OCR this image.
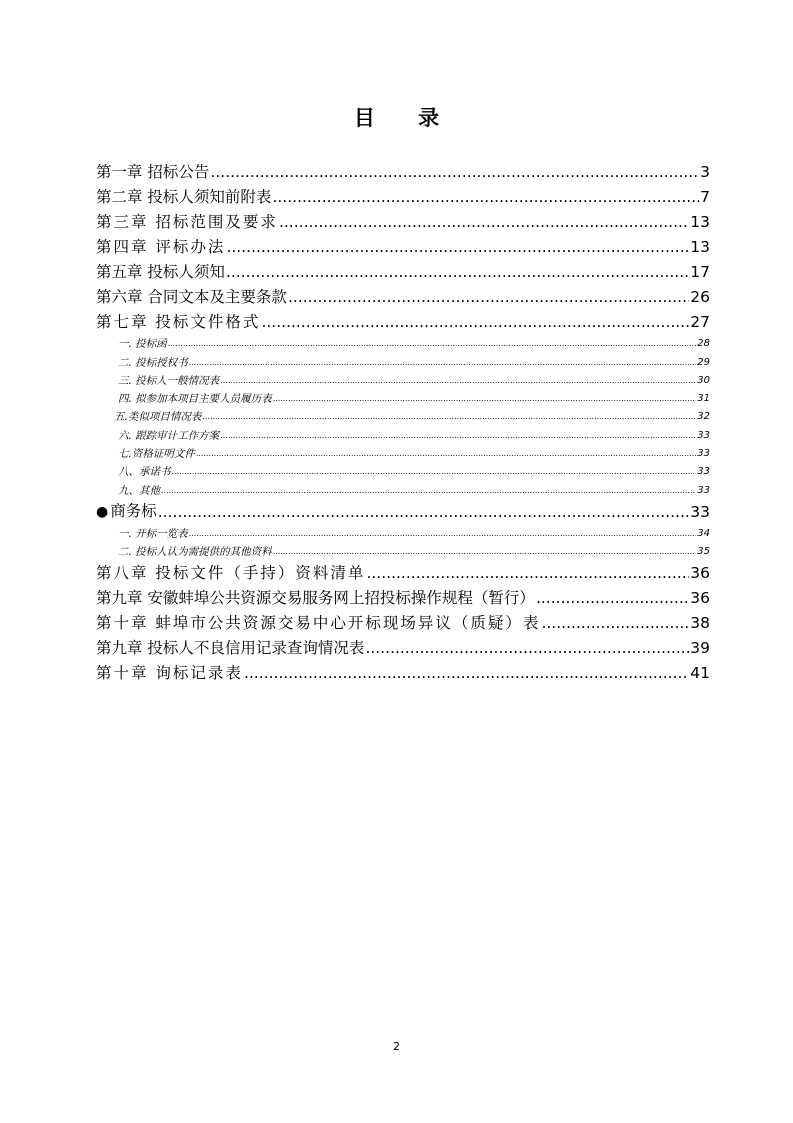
目 录
第一章 招标公告 .....	3
第二章 投标人须知前附表 .....	7
第三章 招标范围及要求 .....	13
第四章 评标办法 .....	13
第五章 投标人须知 .....	17
第六章 合同文本及主要条款 .....	26
第七章 投标文件格式 .....	27
一. 投标函 .....	28
二. 投标授权书 .....	29
三. 投标人一般情况表 .....	30
四. 拟参加本项目主要人员履历表 .....	31
五.类似项目情况表 .....	32
六. 跟踪审计工作方案 .....	33
七.资格证明文件 .....	33
八、承诺书 .....	33
九、其他 .....	33
● 商务标 .....	33
一. 开标一览表 .....	34
二. 投标人认为需提供的其他资料 .....	35
第八章 投标文件（手持）资料清单 .....	36
第九章 安徽蚌埠公共资源交易服务网上招投标操作规程（暂行） .....	36
第十章 蚌埠市公共资源交易中心开标现场异议（质疑）表 .....	38
第九章 投标人不良信用记录查询情况表 .....	39
第十章 询标记录表 .....	41
2
